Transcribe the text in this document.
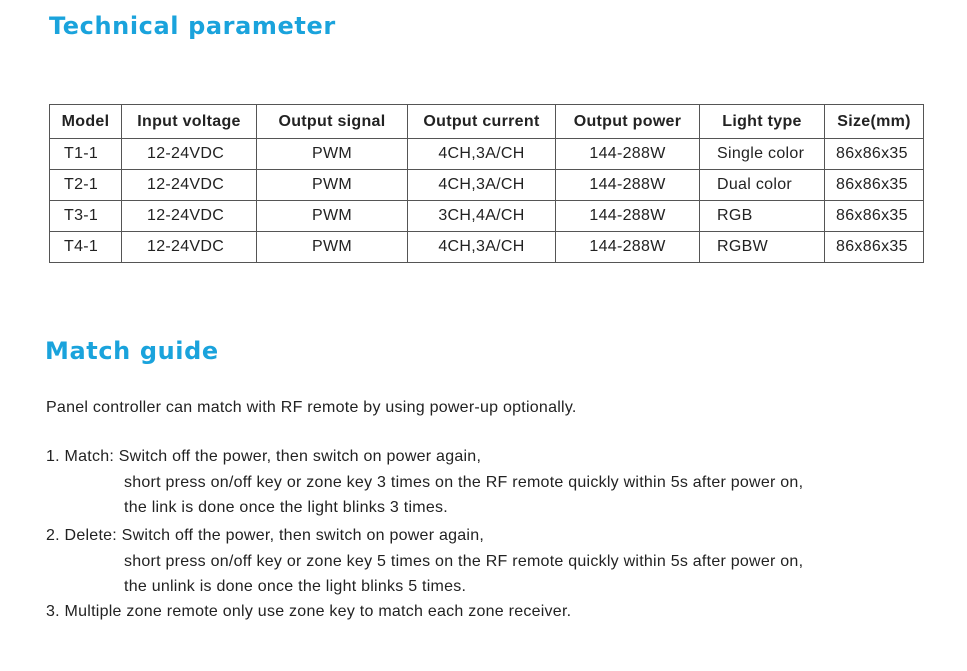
Technical parameter
Model	Input voltage	Output signal	Output current	Output power	Light type	Size(mm)
T1-1	12-24VDC	PWM	4CH,3A/CH	144-288W	Single color	86x86x35
T2-1	12-24VDC	PWM	4CH,3A/CH	144-288W	Dual color	86x86x35
T3-1	12-24VDC	PWM	3CH,4A/CH	144-288W	RGB	86x86x35
T4-1	12-24VDC	PWM	4CH,3A/CH	144-288W	RGBW	86x86x35
Match guide

Panel controller can match with RF remote by using power-up optionally.

1. Match: Switch off the power, then switch on power again,

short press on/off key or zone key 3 times on the RF remote quickly within 5s after power on,

the link is done once the light blinks 3 times.

2. Delete: Switch off the power, then switch on power again,

short press on/off key or zone key 5 times on the RF remote quickly within 5s after power on,

the unlink is done once the light blinks 5 times.

3. Multiple zone remote only use zone key to match each zone receiver.
